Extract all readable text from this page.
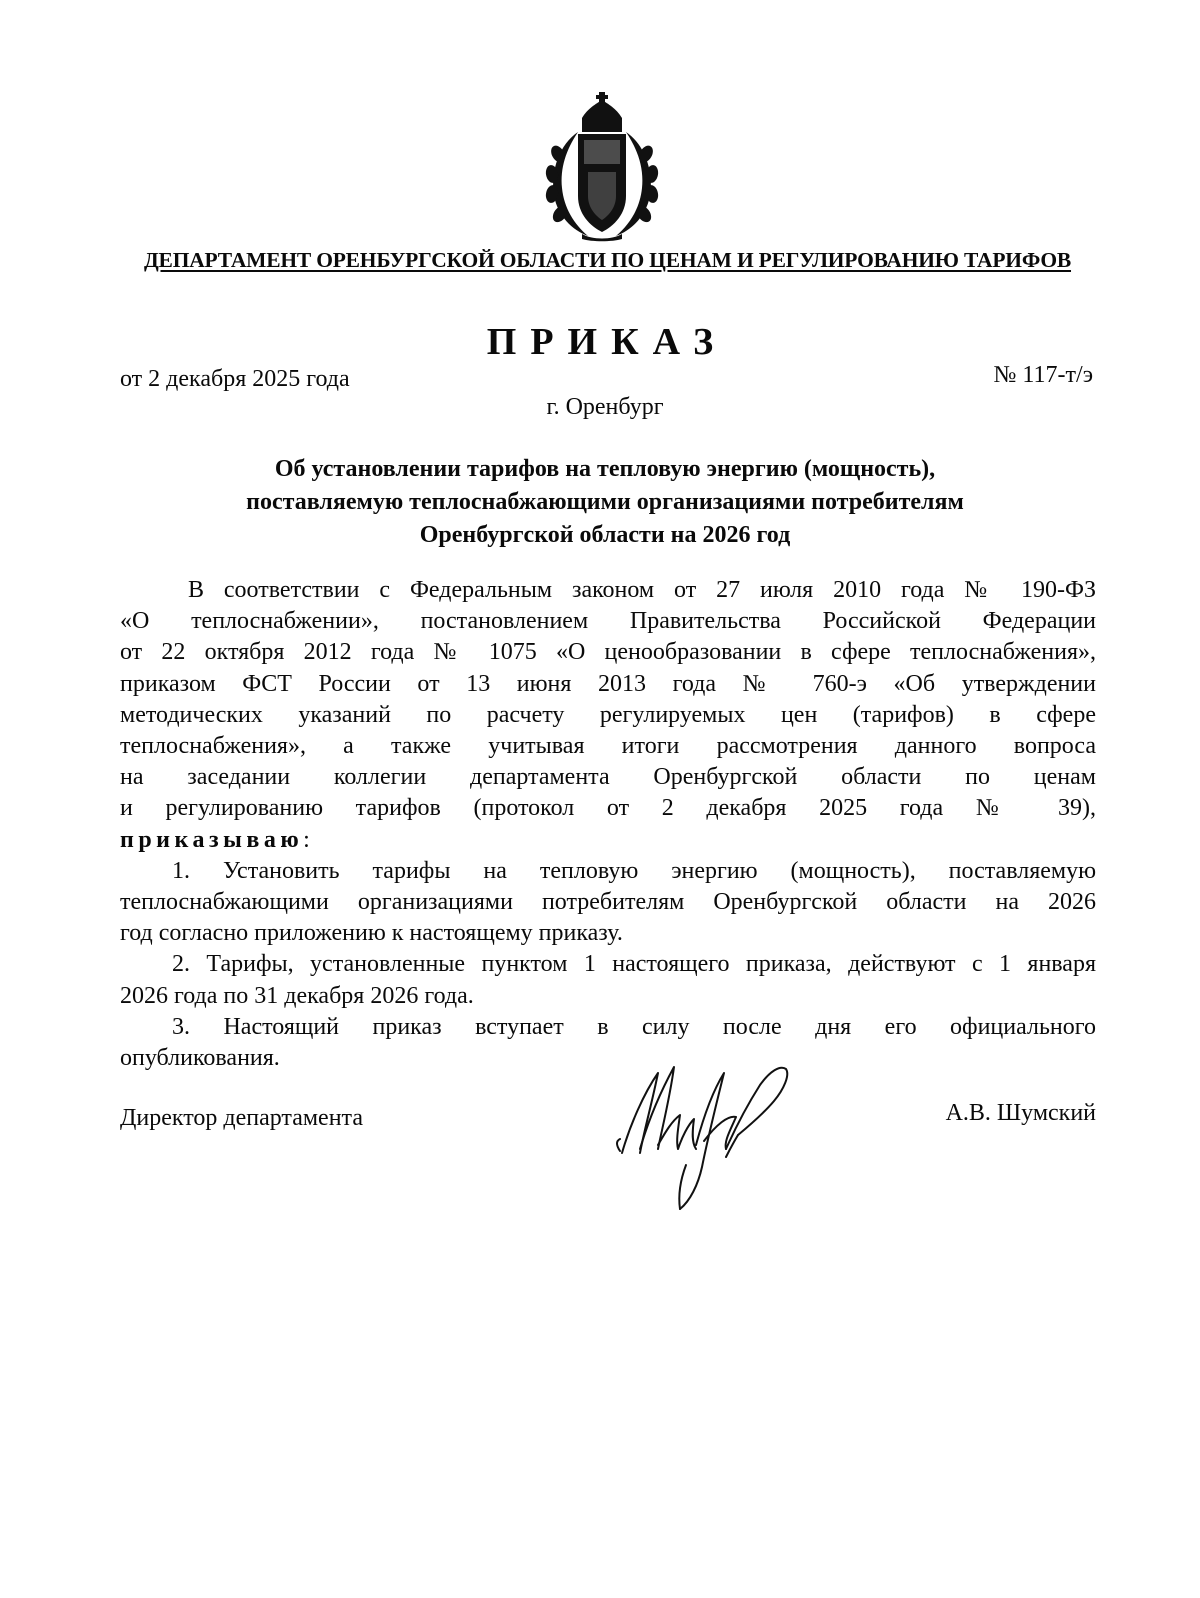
ДЕПАРТАМЕНТ ОРЕНБУРГСКОЙ ОБЛАСТИ ПО ЦЕНАМ И РЕГУЛИРОВАНИЮ ТАРИФОВ
ПРИКАЗ
от 2 декабря 2025 года	№ 117-т/э
г. Оренбург
Об установлении тарифов на тепловую энергию (мощность),
поставляемую теплоснабжающими организациями потребителям
Оренбургской области на 2026 год
В соответствии с Федеральным законом от 27 июля 2010 года № 190-ФЗ
«О теплоснабжении», постановлением Правительства Российской Федерации
от 22 октября 2012 года № 1075 «О ценообразовании в сфере теплоснабжения»,
приказом ФСТ России от 13 июня 2013 года № 760-э «Об утверждении
методических указаний по расчету регулируемых цен (тарифов) в сфере
теплоснабжения», а также учитывая итоги рассмотрения данного вопроса
на заседании коллегии департамента Оренбургской области по ценам
и регулированию тарифов (протокол от 2 декабря 2025 года № 39),
приказываю:
1. Установить тарифы на тепловую энергию (мощность), поставляемую
теплоснабжающими организациями потребителям Оренбургской области на 2026
год согласно приложению к настоящему приказу.
2. Тарифы, установленные пунктом 1 настоящего приказа, действуют с 1 января
2026 года по 31 декабря 2026 года.
3. Настоящий приказ вступает в силу после дня его официального
опубликования.
Директор департамента	А.В. Шумский
